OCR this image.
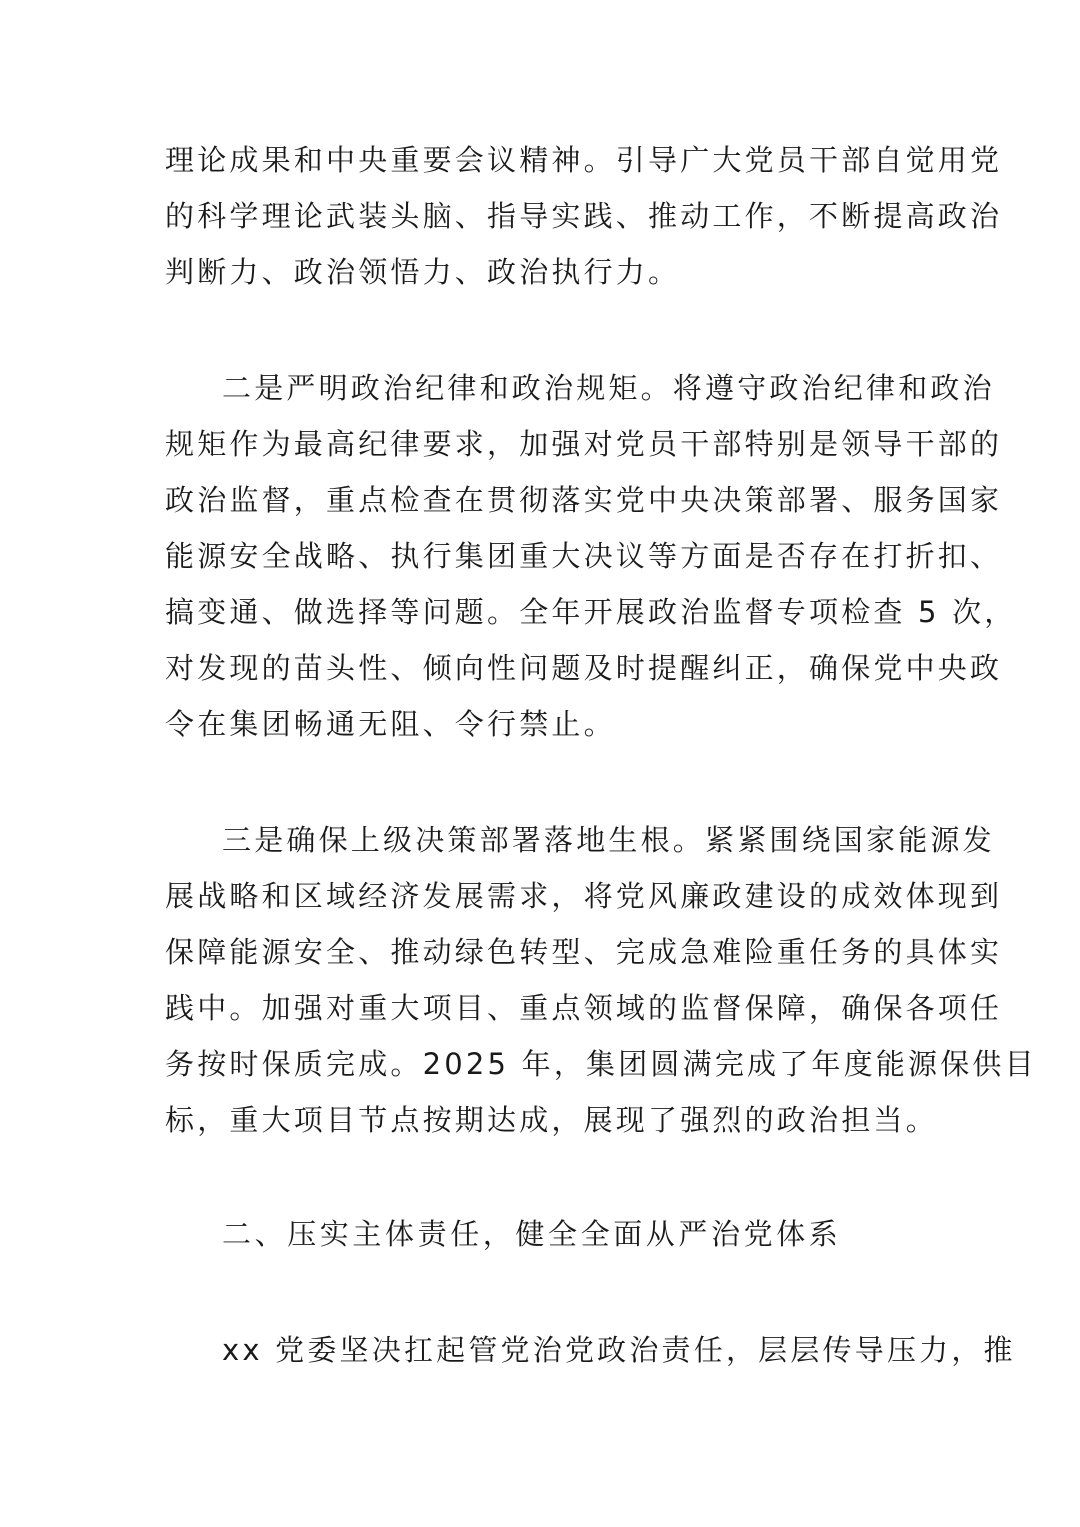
理论成果和中央重要会议精神。引导广大党员干部自觉用党
的科学理论武装头脑、指导实践、推动工作，不断提高政治
判断力、政治领悟力、政治执行力。
二是严明政治纪律和政治规矩。将遵守政治纪律和政治
规矩作为最高纪律要求，加强对党员干部特别是领导干部的
政治监督，重点检查在贯彻落实党中央决策部署、服务国家
能源安全战略、执行集团重大决议等方面是否存在打折扣、
搞变通、做选择等问题。全年开展政治监督专项检查 5 次，
对发现的苗头性、倾向性问题及时提醒纠正，确保党中央政
令在集团畅通无阻、令行禁止。
三是确保上级决策部署落地生根。紧紧围绕国家能源发
展战略和区域经济发展需求，将党风廉政建设的成效体现到
保障能源安全、推动绿色转型、完成急难险重任务的具体实
践中。加强对重大项目、重点领域的监督保障，确保各项任
务按时保质完成。2025 年，集团圆满完成了年度能源保供目
标，重大项目节点按期达成，展现了强烈的政治担当。
二、压实主体责任，健全全面从严治党体系
xx 党委坚决扛起管党治党政治责任，层层传导压力，推
